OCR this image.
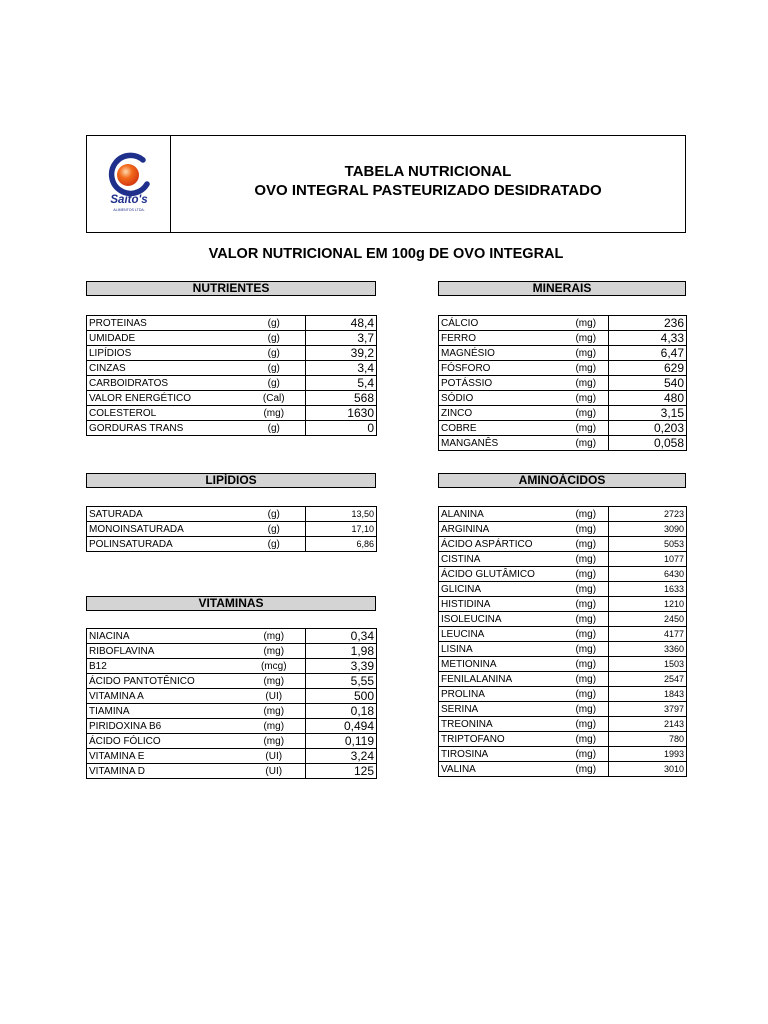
Saito's
ALIMENTOS LTDA.
TABELA NUTRICIONAL
OVO INTEGRAL PASTEURIZADO DESIDRATADO
VALOR NUTRICIONAL EM 100g DE OVO INTEGRAL
NUTRIENTES
PROTEINAS	(g)	48,4
UMIDADE	(g)	3,7
LIPÍDIOS	(g)	39,2
CINZAS	(g)	3,4
CARBOIDRATOS	(g)	5,4
VALOR ENERGÉTICO	(Cal)	568
COLESTEROL	(mg)	1630
GORDURAS TRANS	(g)	0
MINERAIS
CÁLCIO	(mg)	236
FERRO	(mg)	4,33
MAGNÉSIO	(mg)	6,47
FÓSFORO	(mg)	629
POTÁSSIO	(mg)	540
SÓDIO	(mg)	480
ZINCO	(mg)	3,15
COBRE	(mg)	0,203
MANGANÊS	(mg)	0,058
LIPÍDIOS
SATURADA	(g)	13,50
MONOINSATURADA	(g)	17,10
POLINSATURADA	(g)	6,86
AMINOÁCIDOS
ALANINA	(mg)	2723
ARGININA	(mg)	3090
ÁCIDO ASPÁRTICO	(mg)	5053
CISTINA	(mg)	1077
ÁCIDO GLUTÂMICO	(mg)	6430
GLICINA	(mg)	1633
HISTIDINA	(mg)	1210
ISOLEUCINA	(mg)	2450
LEUCINA	(mg)	4177
LISINA	(mg)	3360
METIONINA	(mg)	1503
FENILALANINA	(mg)	2547
PROLINA	(mg)	1843
SERINA	(mg)	3797
TREONINA	(mg)	2143
TRIPTOFANO	(mg)	780
TIROSINA	(mg)	1993
VALINA	(mg)	3010
VITAMINAS
NIACINA	(mg)	0,34
RIBOFLAVINA	(mg)	1,98
B12	(mcg)	3,39
ÁCIDO PANTOTÊNICO	(mg)	5,55
VITAMINA A	(UI)	500
TIAMINA	(mg)	0,18
PIRIDOXINA B6	(mg)	0,494
ÁCIDO FÓLICO	(mg)	0,119
VITAMINA E	(UI)	3,24
VITAMINA D	(UI)	125
